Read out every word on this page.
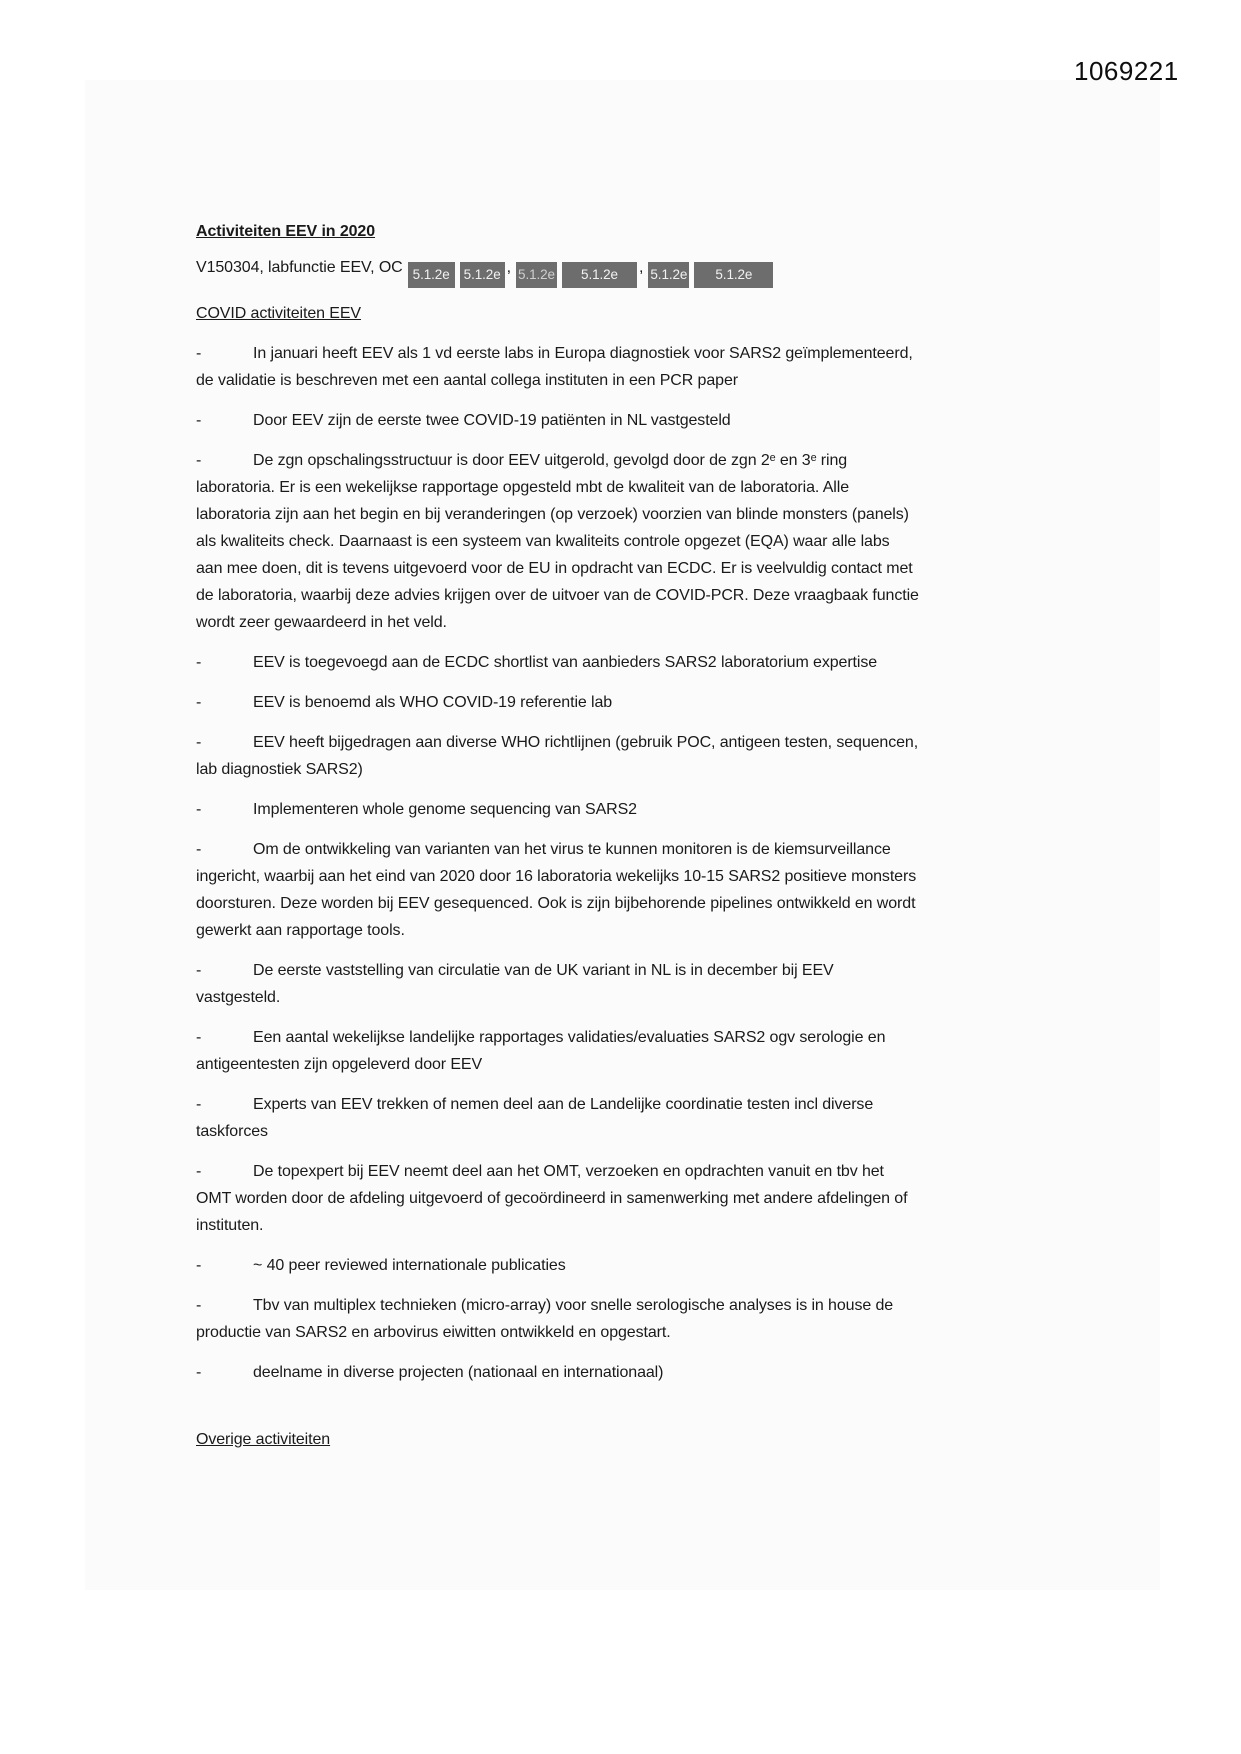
1069221

Activiteiten EEV in 2020

V150304, labfunctie EEV, OC 5.1.2e 5.1.2e , 5.1.2e 5.1.2e , 5.1.2e 5.1.2e

COVID activiteiten EEV

-	In januari heeft EEV als 1 vd eerste labs in Europa diagnostiek voor SARS2 geïmplementeerd, de validatie is beschreven met een aantal collega instituten in een PCR paper

-	Door EEV zijn de eerste twee COVID-19 patiënten in NL vastgesteld

-	De zgn opschalingsstructuur is door EEV uitgerold, gevolgd door de zgn 2ᵉ en 3ᵉ ring laboratoria. Er is een wekelijkse rapportage opgesteld mbt de kwaliteit van de laboratoria. Alle laboratoria zijn aan het begin en bij veranderingen (op verzoek) voorzien van blinde monsters (panels) als kwaliteits check. Daarnaast is een systeem van kwaliteits controle opgezet (EQA) waar alle labs aan mee doen, dit is tevens uitgevoerd voor de EU in opdracht van ECDC. Er is veelvuldig contact met de laboratoria, waarbij deze advies krijgen over de uitvoer van de COVID-PCR. Deze vraagbaak functie wordt zeer gewaardeerd in het veld.

-	EEV is toegevoegd aan de ECDC shortlist van aanbieders SARS2 laboratorium expertise

-	EEV is benoemd als WHO COVID-19 referentie lab

-	EEV heeft bijgedragen aan diverse WHO richtlijnen (gebruik POC, antigeen testen, sequencen, lab diagnostiek SARS2)

-	Implementeren whole genome sequencing van SARS2

-	Om de ontwikkeling van varianten van het virus te kunnen monitoren is de kiemsurveillance ingericht, waarbij aan het eind van 2020 door 16 laboratoria wekelijks 10-15 SARS2 positieve monsters doorsturen. Deze worden bij EEV gesequenced. Ook is zijn bijbehorende pipelines ontwikkeld en wordt gewerkt aan rapportage tools.

-	De eerste vaststelling van circulatie van de UK variant in NL is in december bij EEV vastgesteld.

-	Een aantal wekelijkse landelijke rapportages validaties/evaluaties SARS2 ogv serologie en antigeentesten zijn opgeleverd door EEV

-	Experts van EEV trekken of nemen deel aan de Landelijke coordinatie testen incl diverse taskforces

-	De topexpert bij EEV neemt deel aan het OMT, verzoeken en opdrachten vanuit en tbv het OMT worden door de afdeling uitgevoerd of gecoördineerd in samenwerking met andere afdelingen of instituten.

-	~ 40 peer reviewed internationale publicaties

-	Tbv van multiplex technieken (micro-array) voor snelle serologische analyses is in house de productie van SARS2 en arbovirus eiwitten ontwikkeld en opgestart.

-	deelname in diverse projecten (nationaal en internationaal)

Overige activiteiten
